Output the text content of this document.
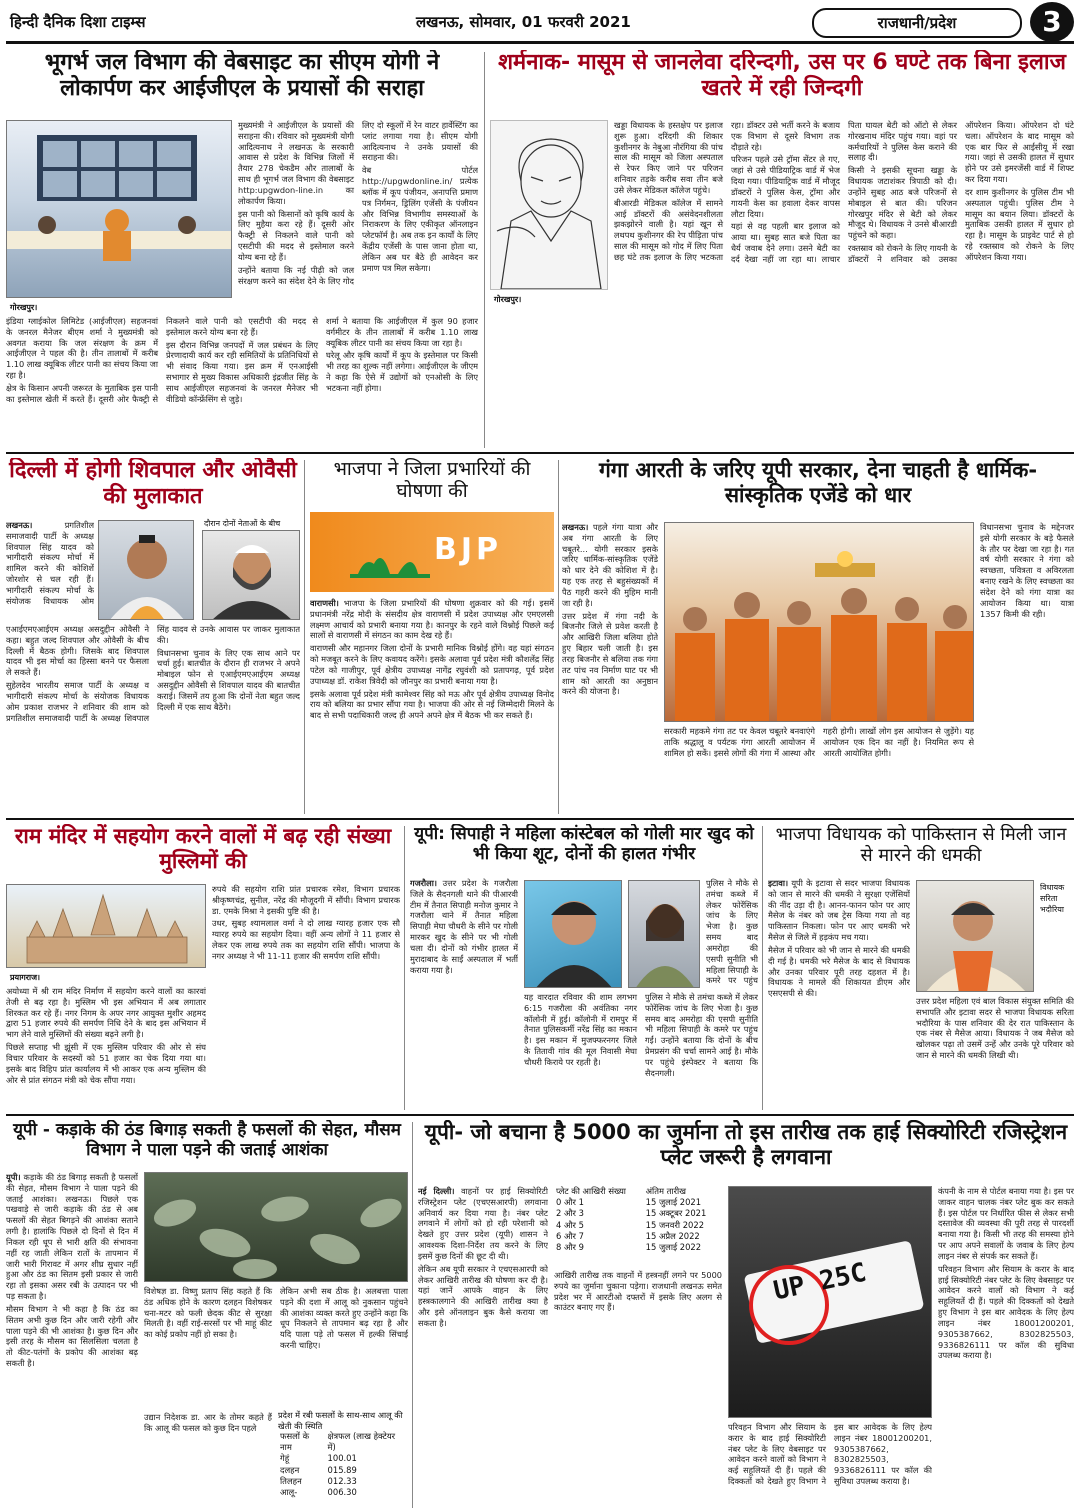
हिन्दी दैनिक दिशा टाइम्स	लखनऊ, सोमवार, 01 फरवरी 2021	राजधानी/प्रदेश	3
भूगर्भ जल विभाग की वेबसाइट का सीएम योगी ने लोकार्पण कर आईजीएल के प्रयासों की सराहा
गोरखपुर।

मुख्यमंत्री ने आईजीएल के प्रयासों की सराहना की। रविवार को मुख्यमंत्री योगी आदित्यनाथ ने लखनऊ के सरकारी आवास से प्रदेश के विभिन्न जिलों में तैयार 278 चेकडैम और तालाबों के साथ ही भूगर्भ जल विभाग की वेबसाइट http:upgwdon-line.in का लोकार्पण किया।

इस पानी को किसानों को कृषि कार्य के लिए मुहैया करा रहे हैं। दूसरी ओर फैक्ट्री से निकलने वाले पानी को एसटीपी की मदद से इस्तेमाल करने योग्य बना रहे हैं।

उन्होंने बताया कि नई पीढ़ी को जल संरक्षण करने का संदेश देने के लिए गोद लिए दो स्कूलों में रेन वाटर हार्वेस्टिंग का प्लांट लगाया गया है। सीएम योगी आदित्यनाथ ने उनके प्रयासों की सराहना की।

वेब पोर्टल http://upgwdonline.in/ प्रत्येक ब्लॉक में कूप पंजीयन, अनापत्ति प्रमाण पत्र निर्गमन, ड्रिलिंग एजेंसी के पंजीयन और विभिन्न विभागीय समस्याओं के निराकरण के लिए एकीकृत ऑनलाइन प्लेटफॉर्म है। अब तक इन कार्यों के लिए केंद्रीय एजेंसी के पास जाना होता था, लेकिन अब घर बैठे ही आवेदन कर प्रमाण पत्र मिल सकेगा।

इंडिया ग्लाईकोल लिमिटेड (आईजीएल) सहजनवां के जनरल मैनेजर बीएम शर्मा ने मुख्यमंत्री को अवगत कराया कि जल संरक्षण के क्रम में आईजीएल ने पहल की है। तीन तालाबों में करीब 1.10 लाख क्यूबिक लीटर पानी का संचय किया जा रहा है।

क्षेत्र के किसान अपनी जरूरत के मुताबिक इस पानी का इस्तेमाल खेती में करते हैं। दूसरी ओर फैक्ट्री से निकलने वाले पानी को एसटीपी की मदद से इस्तेमाल करने योग्य बना रहे हैं।

इस दौरान विभिन्न जनपदों में जल प्रबंधन के लिए प्रेरणादायी कार्य कर रही समितियों के प्रतिनिधियों से भी संवाद किया गया। इस क्रम में एनआईसी सभागार से मुख्य विकास अधिकारी इंद्रजीत सिंह के साथ आईजीएल सहजनवां के जनरल मैनेजर भी वीडियो कॉन्फ्रेंसिंग से जुड़े।

शर्मा ने बताया कि आईजीएल में कुल 90 हजार वर्गमीटर के तीन तालाबों में करीब 1.10 लाख क्यूबिक लीटर पानी का संचय किया जा रहा है।

घरेलू और कृषि कार्यों में कूप के इस्तेमाल पर किसी भी तरह का शुल्क नहीं लगेगा। आईजीएल के जीएम ने कहा कि ऐसे में उद्योगों को एनओसी के लिए भटकना नहीं होगा।

शर्मनाक- मासूम से जानलेवा दरिन्दगी, उस पर 6 घण्टे तक बिना इलाज खतरे में रही जिन्दगी
गोरखपुर।

खड्डा विधायक के हस्तक्षेप पर इलाज शुरू हुआ। दरिंदगी की शिकार कुशीनगर के नेबुआ नौरंगिया की पांच साल की मासूम को जिला अस्पताल से रेफर किए जाने पर परिजन शनिवार तड़के करीब सवा तीन बजे उसे लेकर मेडिकल कॉलेज पहुंचे।

बीआरडी मेडिकल कॉलेज में सामने आई डॉक्टरों की असंवेदनशीलता झकझोरने वाली है। यहां खून से लथपथ कुशीनगर की रेप पीड़िता पांच साल की मासूम को गोद में लिए पिता छह घंटे तक इलाज के लिए भटकता रहा। डॉक्टर उसे भर्ती करने के बजाय एक विभाग से दूसरे विभाग तक दौड़ाते रहे।

परिजन पहले उसे ट्रॉमा सेंटर ले गए, जहां से उसे पीडियाट्रिक वार्ड में भेज दिया गया। पीडियाट्रिक वार्ड में मौजूद डॉक्टरों ने पुलिस केस, ट्रॉमा और गायनी केस का हवाला देकर वापस लौटा दिया।

यहां से वह पहली बार इलाज को आया था। सुबह सात बजे पिता का धैर्य जवाब देने लगा। उसने बेटी का दर्द देखा नहीं जा रहा था। लाचार पिता घायल बेटी को ऑटो से लेकर गोरखनाथ मंदिर पहुंच गया। वहां पर कर्मचारियों ने पुलिस केस कराने की सलाह दी।

किसी ने इसकी सूचना खड्डा के विधायक जटाशंकर त्रिपाठी को दी। उन्होंने सुबह आठ बजे परिजनों से मोबाइल से बात की। परिजन गोरखपुर मंदिर से बेटी को लेकर मौजूद थे। विधायक ने उनसे बीआरडी पहुंचने को कहा।

रक्तस्राव को रोकने के लिए गायनी के डॉक्टरों ने शनिवार को उसका ऑपरेशन किया। ऑपरेशन दो घंटे चला। ऑपरेशन के बाद मासूम को एक बार फिर से आईसीयू में रखा गया। जहां से उसकी हालत में सुधार होने पर उसे इमरजेंसी वार्ड में शिफ्ट कर दिया गया।

दर शाम कुशीनगर के पुलिस टीम भी अस्पताल पहुंची। पुलिस टीम ने मासूम का बयान लिया। डॉक्टरों के मुताबिक उसकी हालत में सुधार हो रहा है। मासूम के प्राइवेट पार्ट से हो रहे रक्तस्राव को रोकने के लिए ऑपरेशन किया गया।

दिल्ली में होगी शिवपाल और ओवैसी की मुलाकात
दौरान दोनों नेताओं के बीच

लखनऊ।	प्रगतिशील समाजवादी पार्टी के अध्यक्ष शिवपाल सिंह यादव को भागीदारी संकल्प मोर्चा में शामिल करने की कोशिशें जोरशोर से चल रही हैं। भागीदारी संकल्प मोर्चा के संयोजक विधायक ओम

एआईएमएआईएम अध्यक्ष असदुद्दीन ओवैसी ने कहा। बहुत जल्द शिवपाल और ओवैसी के बीच दिल्ली में बैठक होगी। जिसके बाद शिवपाल यादव भी इस मोर्चा का हिस्सा बनने पर फैसला ले सकते हैं।

सुहेलदेव भारतीय समाज पार्टी के अध्यक्ष व भागीदारी संकल्प मोर्चा के संयोजक विधायक ओम प्रकाश राजभर ने शनिवार की शाम को प्रगतिशील समाजवादी पार्टी के अध्यक्ष शिवपाल सिंह यादव से उनके आवास पर जाकर मुलाकात की।

विधानसभा चुनाव के लिए एक साथ आने पर चर्चा हुई। बातचीत के दौरान ही राजभर ने अपने मोबाइल फोन से एआईएमएआईएम अध्यक्ष असदुद्दीन ओवैसी से शिवपाल यादव की बातचीत कराई। जिसमें तय हुआ कि दोनों नेता बहुत जल्द दिल्ली में एक साथ बैठेंगे।

भाजपा ने जिला प्रभारियों की घोषणा की
BJP

वाराणसी। भाजपा के जिला प्रभारियों की घोषणा शुक्रवार को की गई। इसमें प्रधानमंत्री नरेंद्र मोदी के संसदीय क्षेत्र वाराणसी में प्रदेश उपाध्यक्ष और एमएलसी लक्ष्मण आचार्य को प्रभारी बनाया गया है। कानपुर के रहने वाले विश्नोई पिछले कई सालों से वाराणसी में संगठन का काम देख रहे हैं।

वाराणसी और महानगर जिला दोनों के प्रभारी मानिक विश्नोई होंगे। वह यहां संगठन को मजबूत करने के लिए कवायद करेंगे। इसके अलावा पूर्व प्रदेश मंत्री कौशलेंद्र सिंह पटेल को गाजीपुर, पूर्व क्षेत्रीय उपाध्यक्ष नागेंद्र रघुवंशी को प्रतापगढ़, पूर्व प्रदेश उपाध्यक्ष डॉ. राकेश त्रिवेदी को जौनपुर का प्रभारी बनाया गया है।

इसके अलावा पूर्व प्रदेश मंत्री कामेश्वर सिंह को मऊ और पूर्व क्षेत्रीय उपाध्यक्ष विनोद राय को बलिया का प्रभार सौंपा गया है। भाजपा की ओर से नई जिम्मेदारी मिलने के बाद से सभी पदाधिकारी जल्द ही अपने अपने क्षेत्र में बैठक भी कर सकते हैं।

गंगा आरती के जरिए यूपी सरकार, देना चाहती है धार्मिक-सांस्कृतिक एजेंडे को धार

लखनऊ। पहले गंगा यात्रा और अब गंगा आरती के लिए चबूतरे... योगी सरकार इसके जरिए धार्मिक-सांस्कृतिक एजेंडे को धार देने की कोशिश में है। यह एक तरह से बहुसंख्यकों में पैठ गहरी करने की मुहिम मानी जा रही है।

उत्तर प्रदेश में गंगा नदी के बिजनौर जिले से प्रवेश करती है और आखिरी जिला बलिया होते हुए बिहार चली जाती है। इस तरह बिजनौर से बलिया तक गंगा तट पांच नव निर्माण घाट पर भी शाम को आरती का अनुष्ठान करने की योजना है।

सरकारी महकमे गंगा तट पर केवल चबूतरे बनवाएंगे ताकि श्रद्धालु व पर्यटक गंगा आरती आयोजन में शामिल हो सकें। इससे लोगों की गंगा में आस्था और गहरी होगी। लाखों लोग इस आयोजन से जुड़ेंगे। यह आयोजन एक दिन का नहीं है। नियमित रूप से आरती आयोजित होगी।

विधानसभा चुनाव के मद्देनजर इसे योगी सरकार के बड़े फैसले के तौर पर देखा जा रहा है। गत वर्ष योगी सरकार ने गंगा को स्वच्छता, पवित्रता व अविरलता बनाए रखने के लिए स्वच्छता का संदेश देने को गंगा यात्रा का आयोजन किया था। यात्रा 1357 किमी की रही।

राम मंदिर में सहयोग करने वालों में बढ़ रही संख्या मुस्लिमों की
प्रयागराज।

अयोध्या में श्री राम मंदिर निर्माण में सहयोग करने वालों का कारवां तेजी से बढ़ रहा है। मुस्लिम भी इस अभियान में अब लगातार शिरकत कर रहे हैं। नगर निगम के अपर नगर आयुक्त मुशीर अहमद द्वारा 51 हजार रुपये की समर्पण निधि देने के बाद इस अभियान में भाग लेने वाले मुस्लिमों की संख्या बढ़ने लगी है।

पिछले सप्ताह भी झूंसी में एक मुस्लिम परिवार की ओर से संघ विचार परिवार के सदस्यों को 51 हजार का चेक दिया गया था। इसके बाद विहिप प्रांत कार्यालय में भी आकर एक अन्य मुस्लिम की ओर से प्रांत संगठन मंत्री को चेक सौंपा गया।

रुपये की सहयोग राशि प्रांत प्रचारक रमेश, विभाग प्रचारक श्रीकृष्णचंद्र, सुनील, नरेंद्र की मौजूदगी में सौंपी। विभाग प्रचारक डा. एमके मिश्रा ने इसकी पुष्टि की है।

उधर, सुबह श्यामलाल वर्मा ने दो लाख ग्यारह हजार एक सौ ग्यारह रुपये का सहयोग दिया। वहीं अन्य लोगों ने 11 हजार से लेकर एक लाख रुपये तक का सहयोग राशि सौंपी। भाजपा के नगर अध्यक्ष ने भी 11-11 हजार की समर्पण राशि सौंपी।

यूपी: सिपाही ने महिला कांस्टेबल को गोली मार खुद को भी किया शूट, दोनों की हालत गंभीर

गजरौला। उत्तर प्रदेश के गजरौला जिले के सैदनगली थाने की पीआरवी टीम में तैनात सिपाही मनोज कुमार ने गजरौला थाने में तैनात महिला सिपाही मेघा चौधरी के सीने पर गोली मारकर खुद के सीने पर भी गोली चला दी। दोनों को गंभीर हालत में मुरादाबाद के साईं अस्पताल में भर्ती कराया गया है।

यह वारदात रविवार की शाम लगभग 6:15 गजरौला की अवंतिका नगर कॉलोनी में हुई। कॉलोनी में रामपुर में तैनात पुलिसकर्मी नरेंद्र सिंह का मकान है। इस मकान में मुजफ्फरनगर जिले के तितावी गांव की मूल निवासी मेघा चौधरी किराये पर रहती है।

पुलिस ने मौके से तमंचा कब्जे में लेकर फोरेंसिक जांच के लिए भेजा है। कुछ समय बाद अमरोहा की एसपी सुनीति भी महिला सिपाही के कमरे पर पहुंच गईं। उन्होंने बताया कि दोनों के बीच प्रेमप्रसंग की चर्चा सामने आई है। मौके पर पहुंचे इंस्पेक्टर ने बताया कि सैदनगली।

पुलिस ने मौके से तमंचा कब्जे में लेकर फोरेंसिक जांच के लिए भेजा है। कुछ समय बाद अमरोहा की एसपी सुनीति भी महिला सिपाही के कमरे पर पहुंच

भाजपा विधायक को पाकिस्तान से मिली जान से मारने की धमकी

इटावा। यूपी के इटावा से सदर भाजपा विधायक को जान से मारने की धमकी ने सुरक्षा एजेंसियों की नींद उड़ा दी है। आनन-फानन फोन पर आए मैसेज के नंबर को जब ट्रेस किया गया तो वह पाकिस्तान निकला। फोन पर आए धमकी भरे मैसेज से जिले में हड़कंप मच गया।

मैसेज में परिवार को भी जान से मारने की धमकी दी गई है। धमकी भरे मैसेज के बाद से विधायक और उनका परिवार पूरी तरह दहशत में है। विधायक ने मामले की शिकायत डीएम और एसएसपी से की।

विधायक सरिता भदौरिया

उत्तर प्रदेश महिला एवं बाल विकास संयुक्त समिति की सभापति और इटावा सदर से भाजपा विधायक सरिता भदौरिया के पास शनिवार की देर रात पाकिस्तान के एक नंबर से मैसेज आया। विधायक ने जब मैसेज को खोलकर पढ़ा तो उसमें उन्हें और उनके पूरे परिवार को जान से मारने की धमकी लिखी थी।

यूपी - कड़ाके की ठंड बिगाड़ सकती है फसलों की सेहत, मौसम विभाग ने पाला पड़ने की जताई आशंका

यूपी। कड़ाके की ठंड बिगाड़ सकती है फसलों की सेहत, मौसम विभाग ने पाला पड़ने की जताई आशंका। लखनऊ। पिछले एक पखवाड़े से जारी कड़ाके की ठंड से अब फसलों की सेहत बिगड़ने की आशंका सताने लगी है। हालांकि पिछले दो दिनों से दिन में निकल रही धूप से भारी क्षति की संभावना नहीं रह जाती लेकिन रातों के तापमान में जारी भारी गिरावट में अगर शीघ्र सुधार नहीं हुआ और ठंड का सितम इसी प्रकार से जारी रहा तो इसका असर रबी के उत्पादन पर भी पड़ सकता है।

मौसम विभाग ने भी कहा है कि ठंड का सितम अभी कुछ दिन और जारी रहेगी और पाला पड़ने की भी आशंका है। कुछ दिन और इसी तरह के मौसम का सिलसिला चलता है तो कीट-पतंगों के प्रकोप की आशंका बढ़ सकती है।

विशेषज्ञ डा. विष्णु प्रताप सिंह कहते हैं कि ठंड अधिक होने के कारण दलहन विशेषकर चना-मटर को फली छेदक कीट से सुरक्षा मिलती है। वहीं राई-सरसों पर भी माहूं कीट का कोई प्रकोप नहीं हो सका है।

लेकिन अभी सब ठीक है। अलबत्ता पाला पड़ने की दशा में आलू को नुकसान पहुंचने की आशंका व्यक्त करते हुए उन्होंने कहा कि धूप निकलने से तापमान बढ़ रहा है और यदि पाला पड़े तो फसल में हल्की सिंचाई करनी चाहिए।

प्रदेश में रबी फसलों के साथ-साथ आलू की खेती की स्थिति
फसलों के नाम	क्षेत्रफल (लाख हेक्टेयर में)
गेहूं	100.01
दलहन	015.89
तिलहन	012.33
आलू-	006.30

उद्यान निदेशक डा. आर के तोमर कहते हैं कि आलू की फसल को कुछ दिन पहले

यूपी- जो बचाना है 5000 का जुर्माना तो इस तारीख तक हाई सिक्योरिटी रजिस्ट्रेशन प्लेट जरूरी है लगवाना

नई दिल्ली। वाहनों पर हाई सिक्योरिटी रजिस्ट्रेशन प्लेट (एचएसआरपी) लगवाना अनिवार्य कर दिया गया है। नंबर प्लेट लगवाने में लोगों को हो रही परेशानी को देखते हुए उत्तर प्रदेश (यूपी) शासन ने आवश्यक दिशा-निर्देश तय करने के लिए इसमें कुछ दिनों की छूट दी थी।

लेकिन अब यूपी सरकार ने एचएसआरपी को लेकर आखिरी तारीख की घोषणा कर दी है। यहां जानें आपके वाहन के लिए हस्त्रकालगाने की आखिरी तारीख क्या है और इसे ऑनलाइन बुक कैसे कराया जा सकता है।

प्लेट की आखिरी संख्या	अंतिम तारीख
0 और 1	15 जुलाई 2021
2 और 3	15 अक्टूबर 2021
4 और 5	15 जनवरी 2022
6 और 7	15 अप्रैल 2022
8 और 9	15 जुलाई 2022

आखिरी तारीख तक वाहनों में हस्त्रनहीं लगने पर 5000 रुपये का जुर्माना चुकाना पड़ेगा। राजधानी लखनऊ समेत प्रदेश भर में आरटीओ दफ्तरों में इसके लिए अलग से काउंटर बनाए गए हैं।

UP 25C

परिवहन विभाग और सियाम के करार के बाद हाई सिक्योरिटी नंबर प्लेट के लिए वेबसाइट पर आवेदन करने वालों को विभाग ने कई सहूलियतें दी हैं। पहले की दिक्कतों को देखते हुए विभाग ने इस बार आवेदक के लिए हेल्प लाइन नंबर 18001200201, 9305387662, 8302825503, 9336826111 पर कॉल की सुविधा उपलब्ध कराया है।

कंपनी के नाम से पोर्टल बनाया गया है। इस पर जाकर वाहन चालक नंबर प्लेट बुक कर सकते हैं। इस पोर्टल पर निर्धारित फीस से लेकर सभी दस्तावेज की व्यवस्था की पूरी तरह से पारदर्शी बनाया गया है। किसी भी तरह की समस्या होने पर आप अपने सवालों के जवाब के लिए हेल्प लाइन नंबर से संपर्क कर सकते हैं।

परिवहन विभाग और सियाम के करार के बाद हाई सिक्योरिटी नंबर प्लेट के लिए वेबसाइट पर आवेदन करने वालों को विभाग ने कई सहूलियतें दी हैं। पहले की दिक्कतों को देखते हुए विभाग ने इस बार आवेदक के लिए हेल्प लाइन नंबर 18001200201, 9305387662, 8302825503, 9336826111 पर कॉल की सुविधा उपलब्ध कराया है।
